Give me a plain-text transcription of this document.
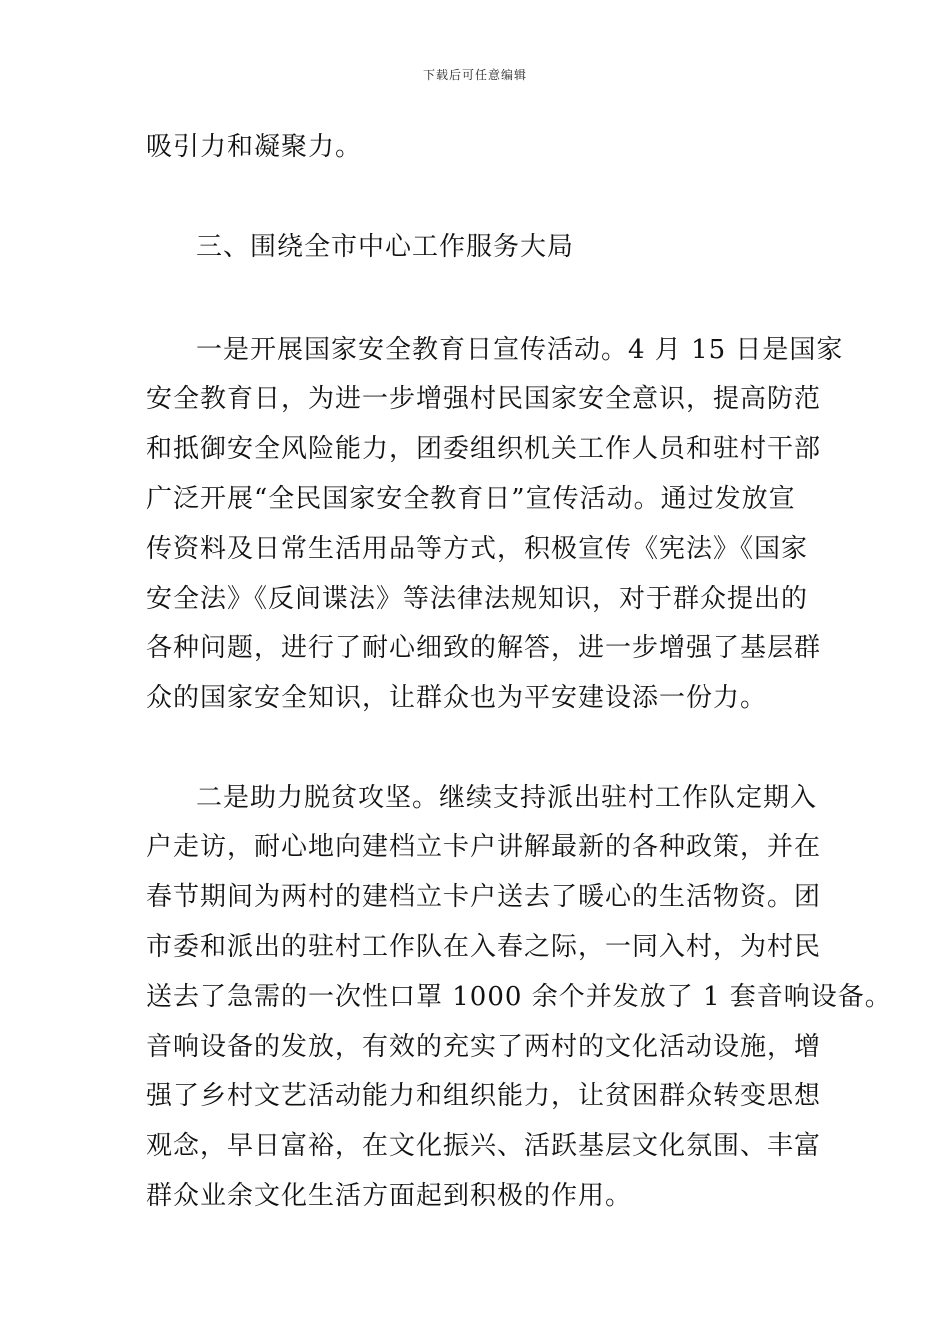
下载后可任意编辑
吸引力和凝聚力。
三、围绕全市中心工作服务大局
一是开展国家安全教育日宣传活动。4 月 15 日是国家
安全教育日，为进一步增强村民国家安全意识，提高防范
和抵御安全风险能力，团委组织机关工作人员和驻村干部
广泛开展“全民国家安全教育日”宣传活动。通过发放宣
传资料及日常生活用品等方式，积极宣传《宪法》《国家
安全法》《反间谍法》等法律法规知识，对于群众提出的
各种问题，进行了耐心细致的解答，进一步增强了基层群
众的国家安全知识，让群众也为平安建设添一份力。
二是助力脱贫攻坚。继续支持派出驻村工作队定期入
户走访，耐心地向建档立卡户讲解最新的各种政策，并在
春节期间为两村的建档立卡户送去了暖心的生活物资。团
市委和派出的驻村工作队在入春之际，一同入村，为村民
送去了急需的一次性口罩 1000 余个并发放了 1 套音响设备。
音响设备的发放，有效的充实了两村的文化活动设施，增
强了乡村文艺活动能力和组织能力，让贫困群众转变思想
观念，早日富裕，在文化振兴、活跃基层文化氛围、丰富
群众业余文化生活方面起到积极的作用。
